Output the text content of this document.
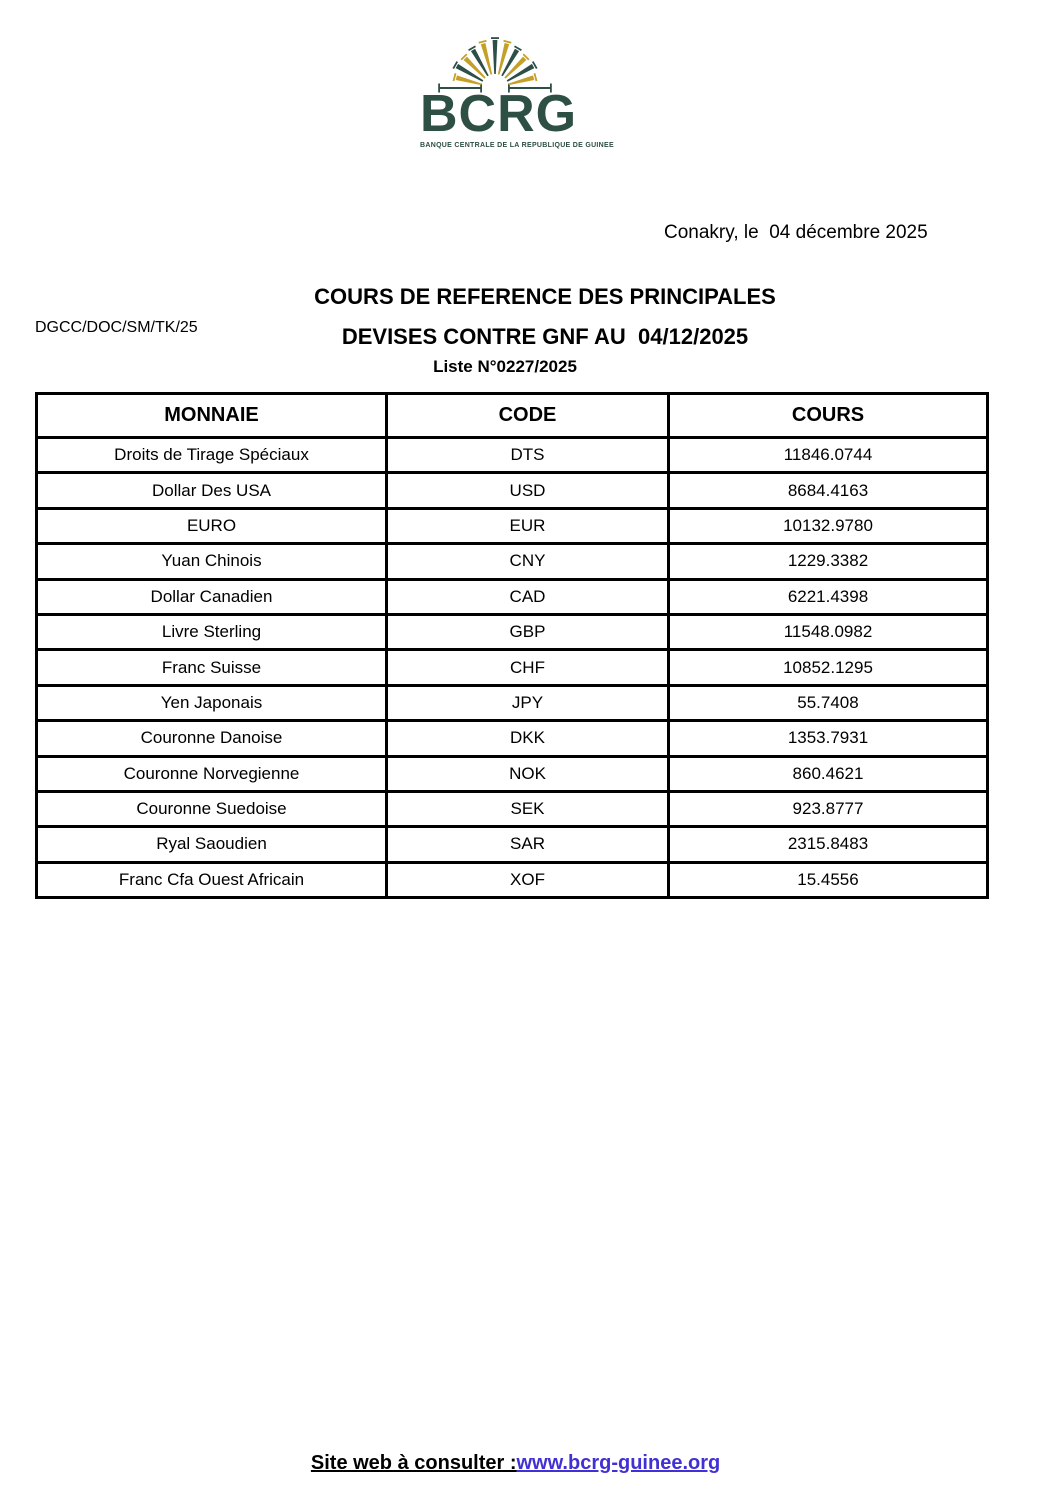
BCRG
BANQUE CENTRALE DE LA REPUBLIQUE DE GUINEE
Conakry, le  04 décembre 2025
DGCC/DOC/SM/TK/25
COURS DE REFERENCE DES PRINCIPALES
DEVISES CONTRE GNF AU  04/12/2025
Liste N°0227/2025
MONNAIE	CODE	COURS
Droits de Tirage Spéciaux	DTS	11846.0744
Dollar Des USA	USD	8684.4163
EURO	EUR	10132.9780
Yuan Chinois	CNY	1229.3382
Dollar Canadien	CAD	6221.4398
Livre Sterling	GBP	11548.0982
Franc Suisse	CHF	10852.1295
Yen Japonais	JPY	55.7408
Couronne Danoise	DKK	1353.7931
Couronne Norvegienne	NOK	860.4621
Couronne Suedoise	SEK	923.8777
Ryal Saoudien	SAR	2315.8483
Franc Cfa Ouest Africain	XOF	15.4556

Site web à consulter :www.bcrg-guinee.org
